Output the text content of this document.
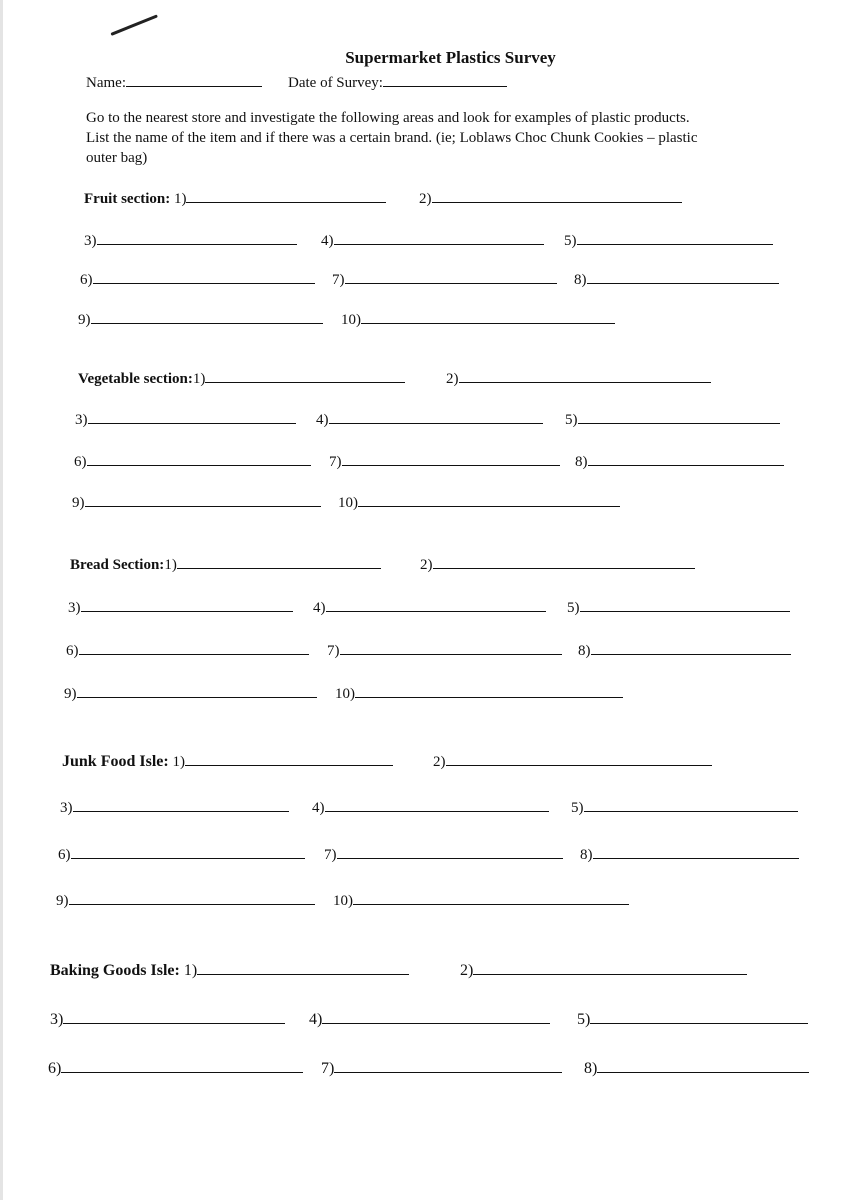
Supermarket Plastics Survey
Name:	Date of Survey:

Go to the nearest store and investigate the following areas and look for examples of plastic products.

List the name of the item and if there was a certain brand. (ie; Loblaws Choc Chunk Cookies – plastic

outer bag)

Fruit section: 1)	2)
3)	4)	5)
6)	7)	8)
9)	10)
Vegetable section:1)	2)
3)	4)	5)
6)	7)	8)
9)	10)
Bread Section:1)	2)
3)	4)	5)
6)	7)	8)
9)	10)
Junk Food Isle: 1)	2)
3)	4)	5)
6)	7)	8)
9)	10)
Baking Goods Isle: 1)	2)
3)	4)	5)
6)	7)	8)
